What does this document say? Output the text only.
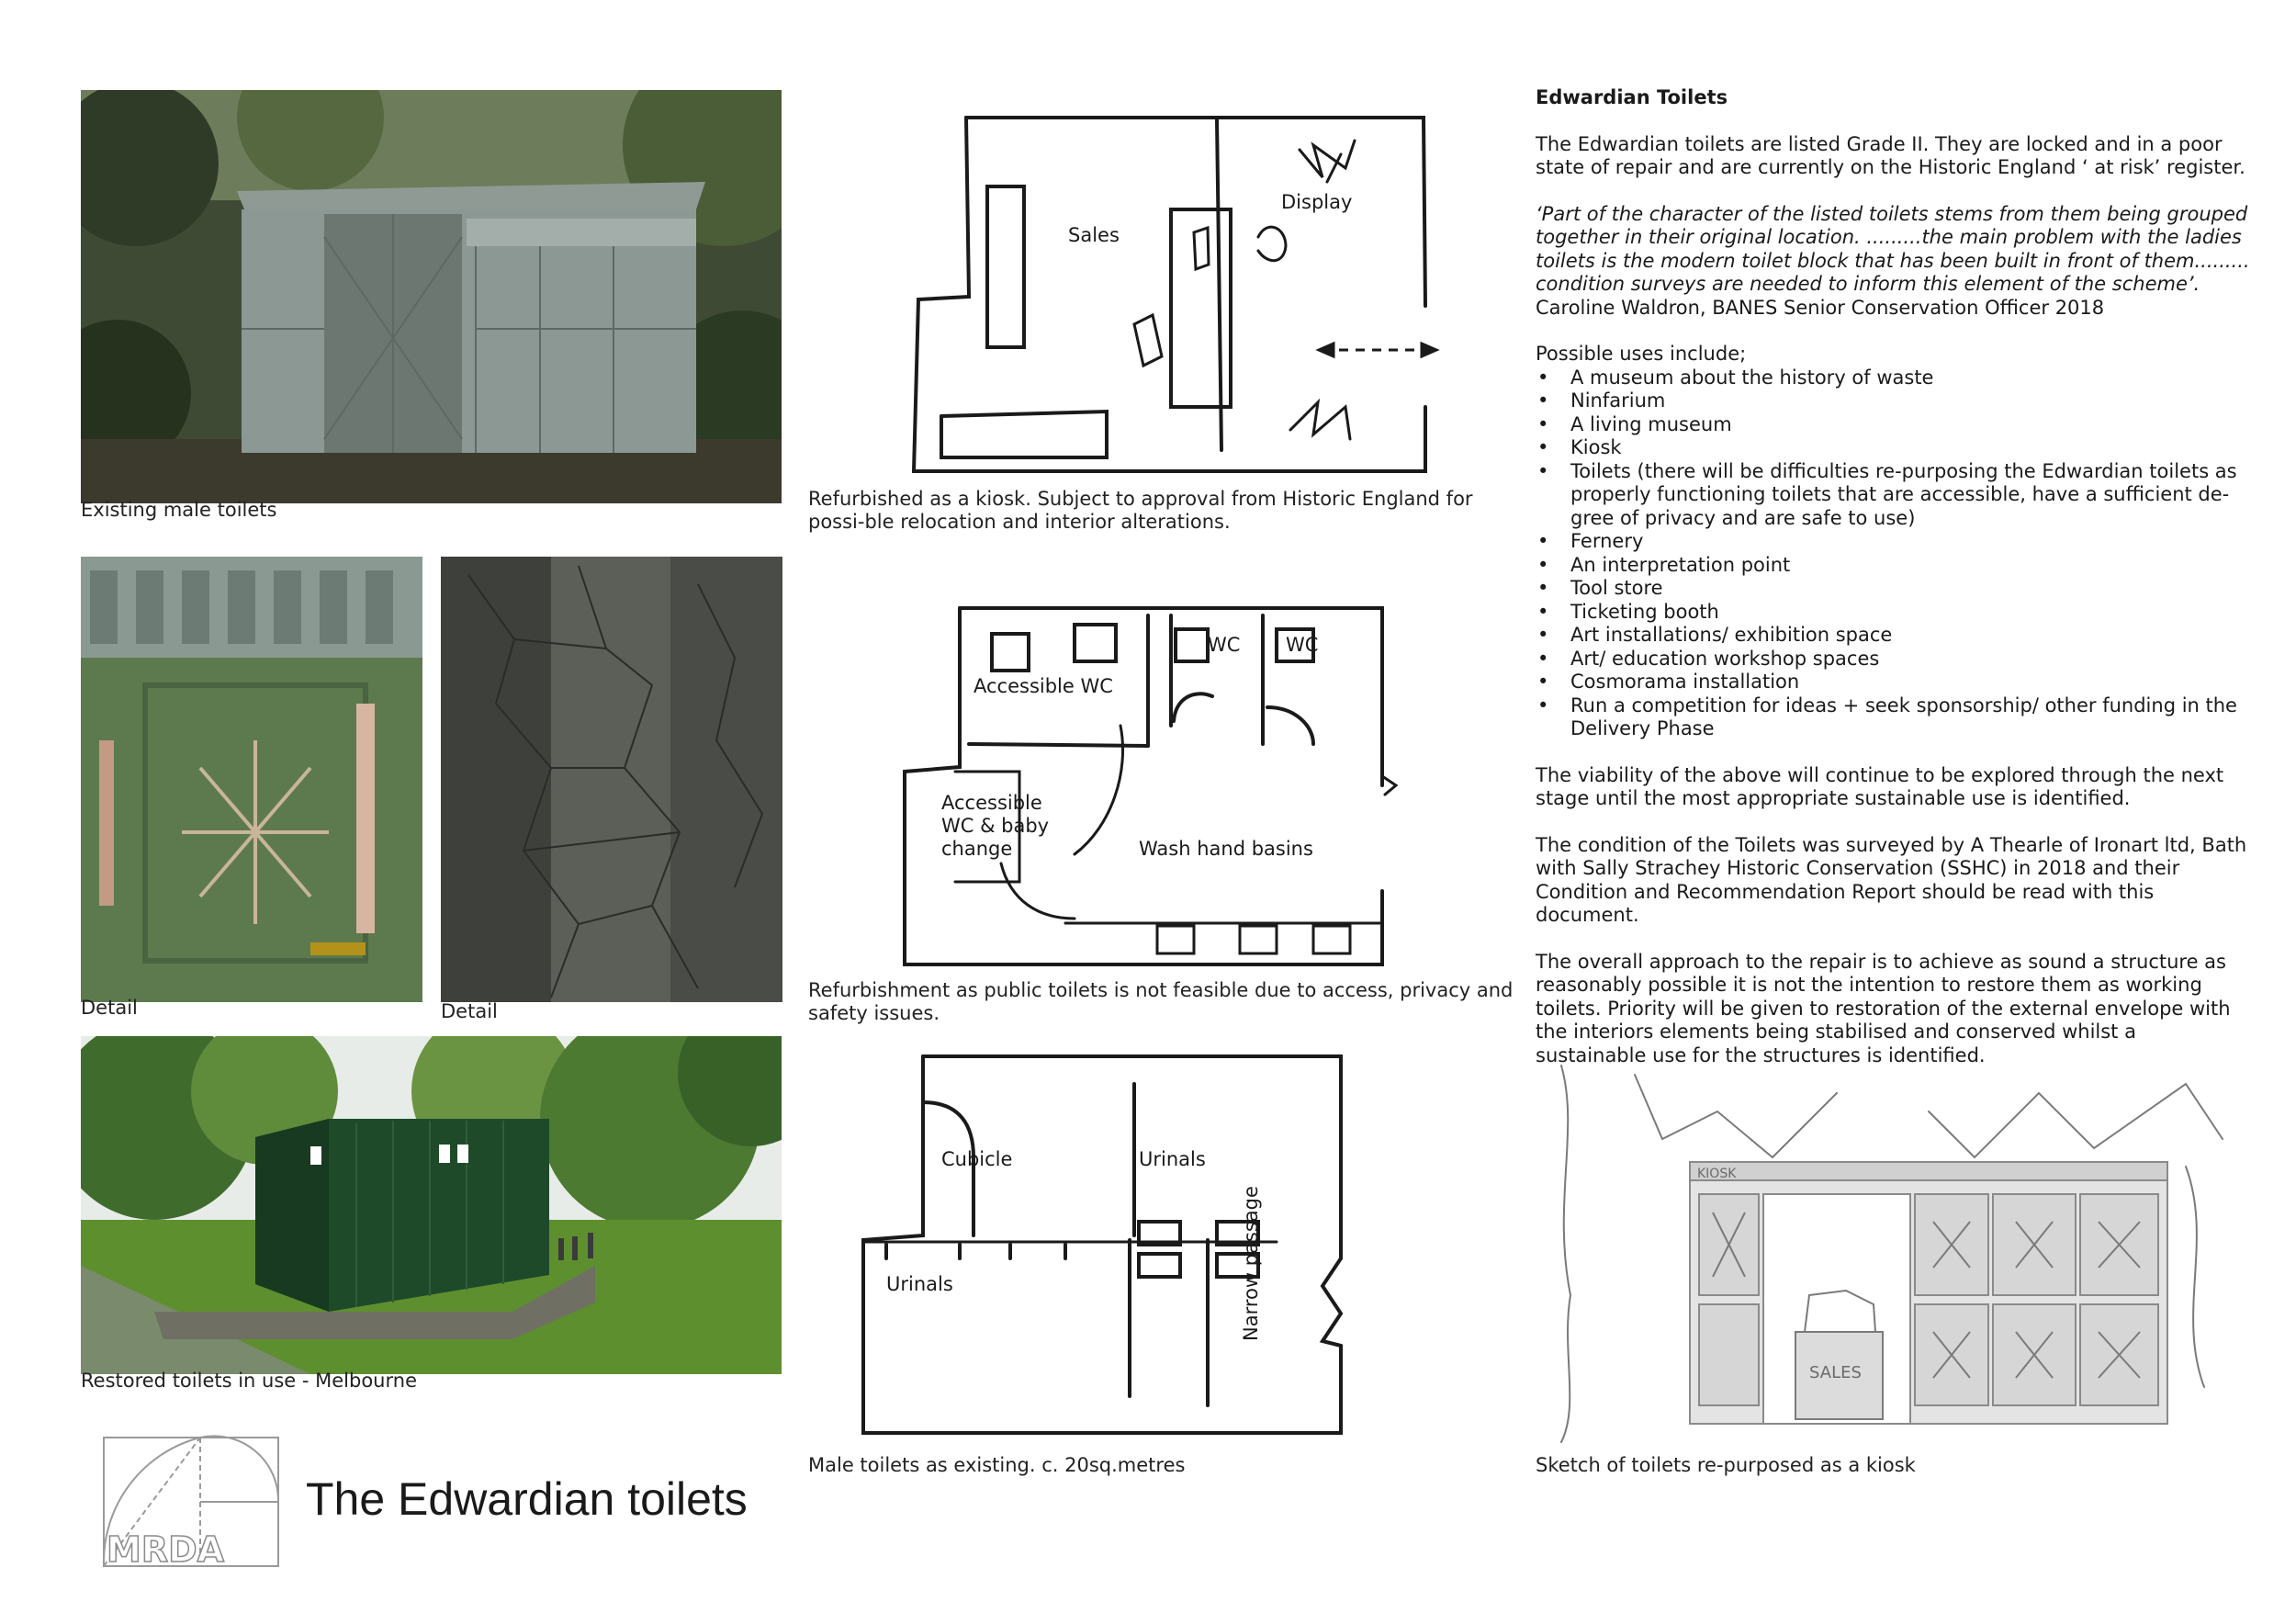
Existing male toilets
Detail	Detail
Restored toilets in use - Melbourne
MRDA
The Edwardian toilets
Sales
Display
Refurbished as a kiosk. Subject to approval from Historic England for possi-ble relocation and interior alterations.
Accessible WC
WC WC
Accessible
WC & baby
change	Wash hand basins
Refurbishment as public toilets is not feasible due to access, privacy and safety issues.
Cubicle	Urinals
Urinals	Narrow passage
Male toilets as existing. c. 20sq.metres

Edwardian Toilets

The Edwardian toilets are listed Grade II. They are locked and in a poor state of repair and are currently on the Historic England ‘ at risk’ register.

‘Part of the character of the listed toilets stems from them being grouped together in their original location. .........the main problem with the ladies toilets is the modern toilet block that has been built in front of them......... condition surveys are needed to inform this element of the scheme’.
Caroline Waldron, BANES Senior Conservation Officer 2018

Possible uses include;
• A museum about the history of waste
• Ninfarium
• A living museum
• Kiosk
• Toilets (there will be difficulties re-purposing the Edwardian toilets as properly functioning toilets that are accessible, have a sufficient de-gree of privacy and are safe to use)
• Fernery
• An interpretation point
• Tool store
• Ticketing booth
• Art installations/ exhibition space
• Art/ education workshop spaces
• Cosmorama installation
• Run a competition for ideas + seek sponsorship/ other funding in the Delivery Phase

The viability of the above will continue to be explored through the next stage until the most appropriate sustainable use is identified.

The condition of the Toilets was surveyed by A Thearle of Ironart ltd, Bath with Sally Strachey Historic Conservation (SSHC) in 2018 and their Condition and Recommendation Report should be read with this document.

The overall approach to the repair is to achieve as sound a structure as reasonably possible it is not the intention to restore them as working toilets. Priority will be given to restoration of the external envelope with the interiors elements being stabilised and conserved whilst a sustainable use for the structures is identified.

KIOSK
SALES
Sketch of toilets re-purposed as a kiosk
